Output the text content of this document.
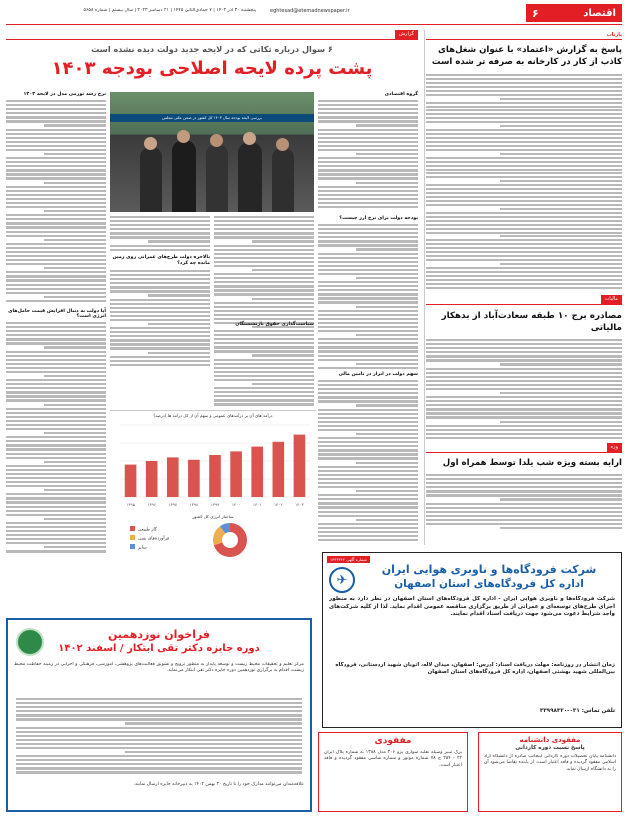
اقتصاد
۶
eghtesad@etemadnewspaper.ir
پنجشنبه ۳۰ آذر ۱۴۰۲ | ۷ جمادی‌الثانی ۱۴۴۵ | ۲۱ دسامبر ۲۰۲۳ | سال بیستم | شماره ۵۶۵۸
بازتاب
پاسخ به گزارش «اعتماد» با عنوان شغل‌های کاذب از کار در کارخانه به صرفه تر شده است
مالیات
مصادره برج ۱۰ طبقه سعادت‌آباد از بدهکار مالیاتی
وزه
ارایه بسته ویژه شب یلدا توسط همراه اول
گزارش
۶ سوال درباره تکاتی که در لایحه جدید دولت دیده نشده است
پشت پرده لایحه اصلاحی بودجه ۱۴۰۳
گروه اقتصادی
بودجه دولت برای نرخ ارز چیست؟
بررسی لایحه بودجه سال ۱۴۰۳ کل کشور در صحن علنی مجلس
نرخ رشد تورمی مدل در لایحه ۱۴۰۳
آیا دولت به دنبال افزایش قیمت حامل‌های انرژی است؟
بالاخره دولت طرح‌های عمرانی روی زمین مانده چه کرد؟
درآمد های آن بر درآمدهای عمومی و سهم آن از کل درآمد ها (درصد)
۱۳۹۵	۱۳۹۶	۱۳۹۷	۱۳۹۸	۱۳۹۹	۱۴۰۰	۱۴۰۱	۱۴۰۲	۱۴۰۳
ساختار انرژی کل کشور
گاز طبیعی
فرآورده‌های نفتی
سایر
سیاست‌گذاری حقوق بازنشستگان
سهم دولت در ابزار در تامین مالی
شماره آگهی ۱۴۳۴۳۴۲
✈
شرکت فرودگاه‌ها و ناوبری هوایی ایران
اداره کل فرودگاه‌های استان اصفهان
شرکت فرودگاه‌ها و ناوبری هوایی ایران - اداره کل فرودگاه‌های استان اصفهان در نظر دارد به منظور اجرای طرح‌های توسعه‌ای و عمرانی از طریق برگزاری مناقصه عمومی اقدام نماید. لذا از کلیه شرکت‌های واجد شرایط دعوت می‌شود جهت دریافت اسناد اقدام نمایند.
زمان انتشار در روزنامه: مهلت دریافت اسناد: آدرس: اصفهان، میدان لاله، اتوبان شهید اردستانی، فرودگاه بین‌المللی شهید بهشتی اصفهان، اداره کل فرودگاه‌های استان اصفهان
تلفن تماس: ۰۳۱-۳۳۹۹۸۳۲۰
فراخوان نوزدهمین
دوره جایزه دکتر تقی ابتکار / اسفند ۱۴۰۲
مرکز تعلیم و تحقیقات محیط زیست و توسعه پایدار به منظور ترویج و تشویق فعالیت‌های پژوهشی، آموزشی، فرهنگی و اجرایی در زمینه حفاظت محیط زیست، اقدام به برگزاری نوزدهمین دوره جایزه دکتر تقی ابتکار می‌نماید.
علاقه‌مندان می‌توانند مدارک خود را تا تاریخ ۳۰ بهمن ۱۴۰۲ به دبیرخانه جایزه ارسال نمایند.
مفقودی
برگ سبز وسیله نقلیه سواری پژو ۲۰۶ مدل ۱۳۸۸ به شماره پلاک ایران ۲۲ - ۲۵۴ ج ۷۸ شماره موتور و شماره شاسی مفقود گردیده و فاقد اعتبار است.
مفقودی دانشنامه
پاسخ نسبت دوره کاردانی
دانشنامه پایان تحصیلات دوره کاردانی اینجانب صادره از دانشگاه آزاد اسلامی مفقود گردیده و فاقد اعتبار است. از یابنده تقاضا می‌شود آن را به دانشگاه ارسال نماید.
